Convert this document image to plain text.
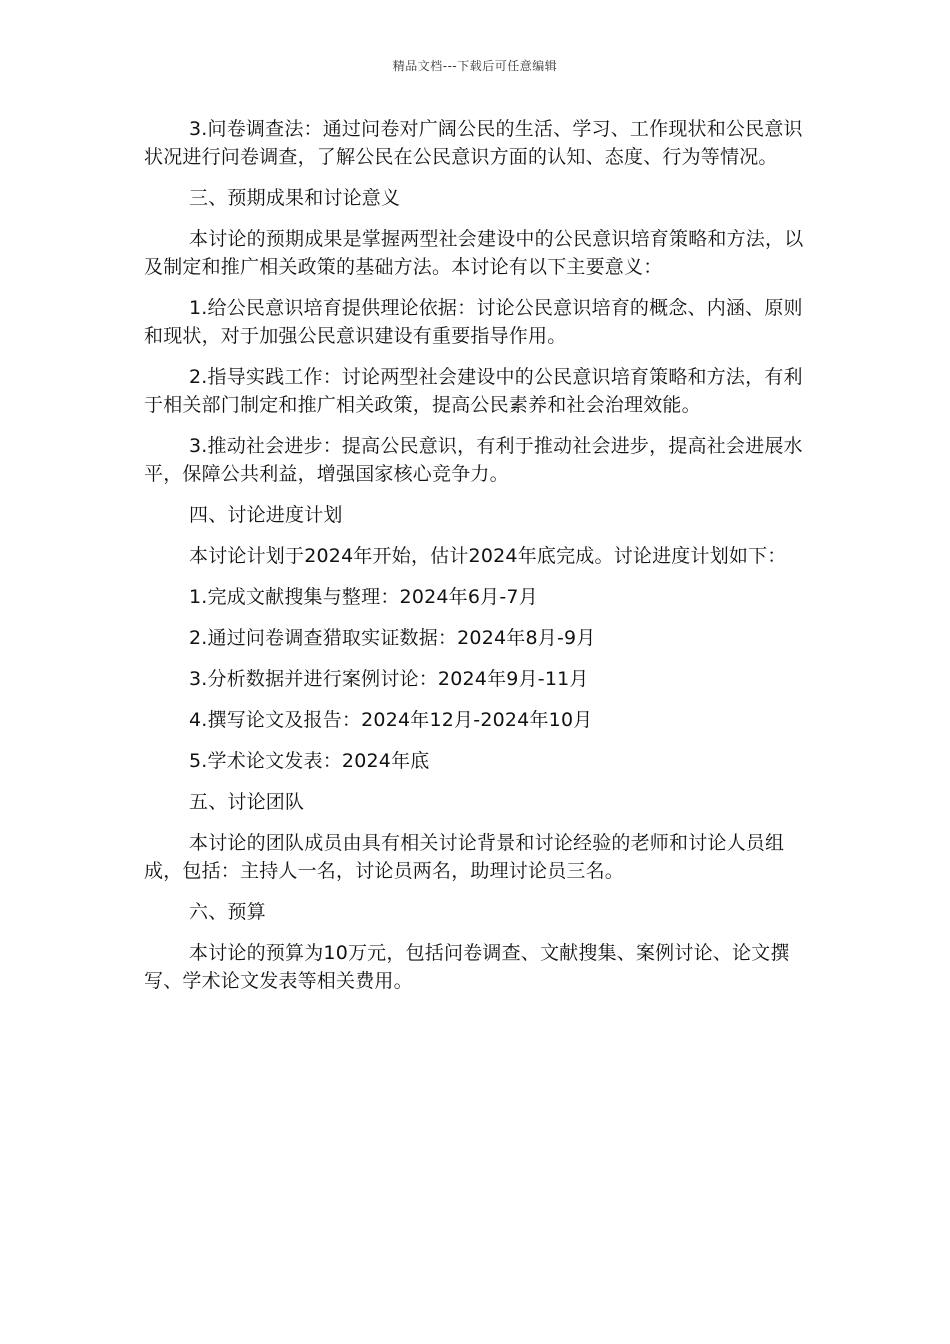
精品文档---下载后可任意编辑

3.问卷调查法：通过问卷对广阔公民的生活、学习、工作现状和公民意识状况进行问卷调查，了解公民在公民意识方面的认知、态度、行为等情况。

三、预期成果和讨论意义

本讨论的预期成果是掌握两型社会建设中的公民意识培育策略和方法，以及制定和推广相关政策的基础方法。本讨论有以下主要意义：

1.给公民意识培育提供理论依据：讨论公民意识培育的概念、内涵、原则和现状，对于加强公民意识建设有重要指导作用。

2.指导实践工作：讨论两型社会建设中的公民意识培育策略和方法，有利于相关部门制定和推广相关政策，提高公民素养和社会治理效能。

3.推动社会进步：提高公民意识，有利于推动社会进步，提高社会进展水平，保障公共利益，增强国家核心竞争力。

四、讨论进度计划

本讨论计划于2024年开始，估计2024年底完成。讨论进度计划如下：

1.完成文献搜集与整理：2024年6月-7月

2.通过问卷调查猎取实证数据：2024年8月-9月

3.分析数据并进行案例讨论：2024年9月-11月

4.撰写论文及报告：2024年12月-2024年10月

5.学术论文发表：2024年底

五、讨论团队

本讨论的团队成员由具有相关讨论背景和讨论经验的老师和讨论人员组成，包括：主持人一名，讨论员两名，助理讨论员三名。

六、预算

本讨论的预算为10万元，包括问卷调查、文献搜集、案例讨论、论文撰写、学术论文发表等相关费用。
